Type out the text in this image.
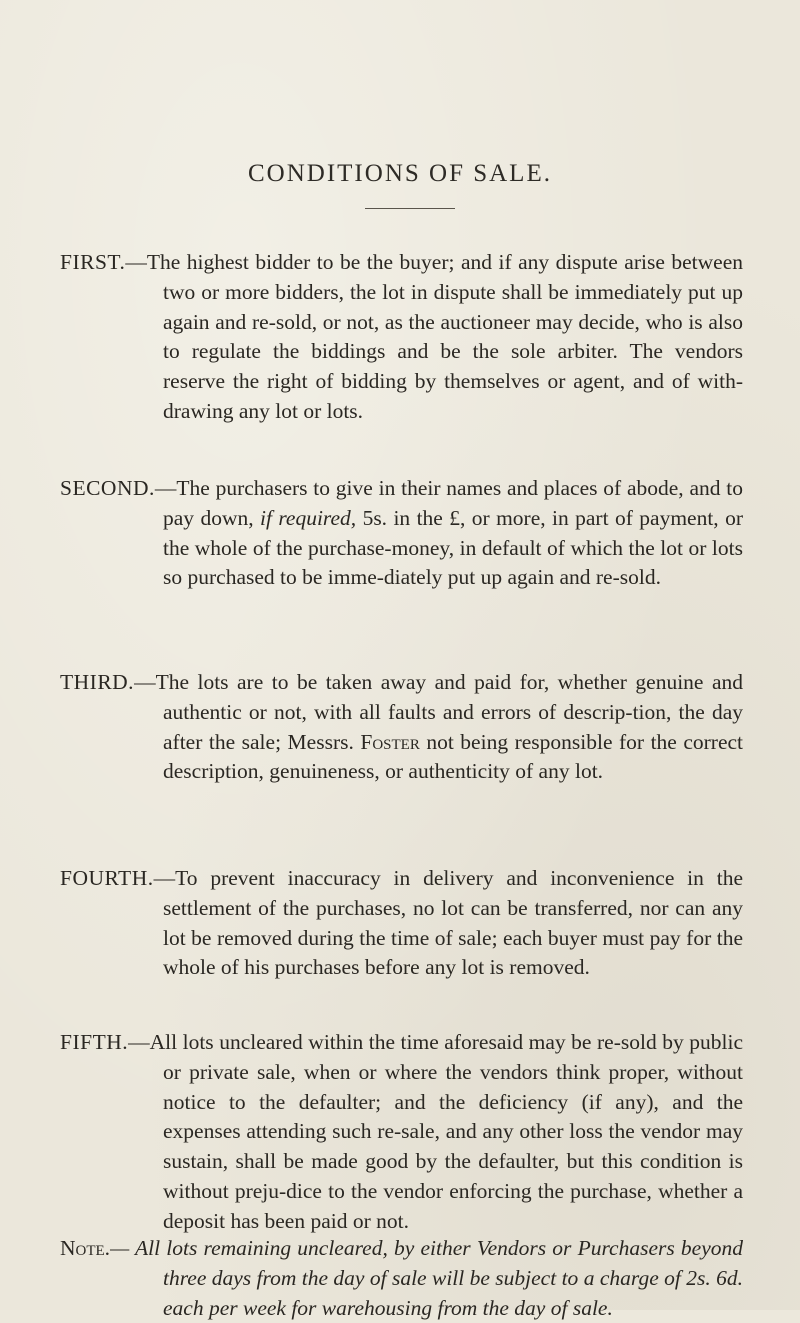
CONDITIONS OF SALE.

FIRST.—The highest bidder to be the buyer; and if any dispute arise between two or more bidders, the lot in dispute shall be immediately put up again and re-sold, or not, as the auctioneer may decide, who is also to regulate the biddings and be the sole arbiter. The vendors reserve the right of bidding by themselves or agent, and of with-drawing any lot or lots.

SECOND.—The purchasers to give in their names and places of abode, and to pay down, if required, 5s. in the £, or more, in part of payment, or the whole of the purchase-money, in default of which the lot or lots so purchased to be imme-diately put up again and re-sold.

THIRD.—The lots are to be taken away and paid for, whether genuine and authentic or not, with all faults and errors of descrip-tion, the day after the sale; Messrs. Foster not being responsible for the correct description, genuineness, or authenticity of any lot.

FOURTH.—To prevent inaccuracy in delivery and inconvenience in the settlement of the purchases, no lot can be transferred, nor can any lot be removed during the time of sale; each buyer must pay for the whole of his purchases before any lot is removed.

FIFTH.—All lots uncleared within the time aforesaid may be re-sold by public or private sale, when or where the vendors think proper, without notice to the defaulter; and the deficiency (if any), and the expenses attending such re-sale, and any other loss the vendor may sustain, shall be made good by the defaulter, but this condition is without preju-dice to the vendor enforcing the purchase, whether a deposit has been paid or not.

Note.— All lots remaining uncleared, by either Vendors or Purchasers beyond three days from the day of sale will be subject to a charge of 2s. 6d. each per week for warehousing from the day of sale.
